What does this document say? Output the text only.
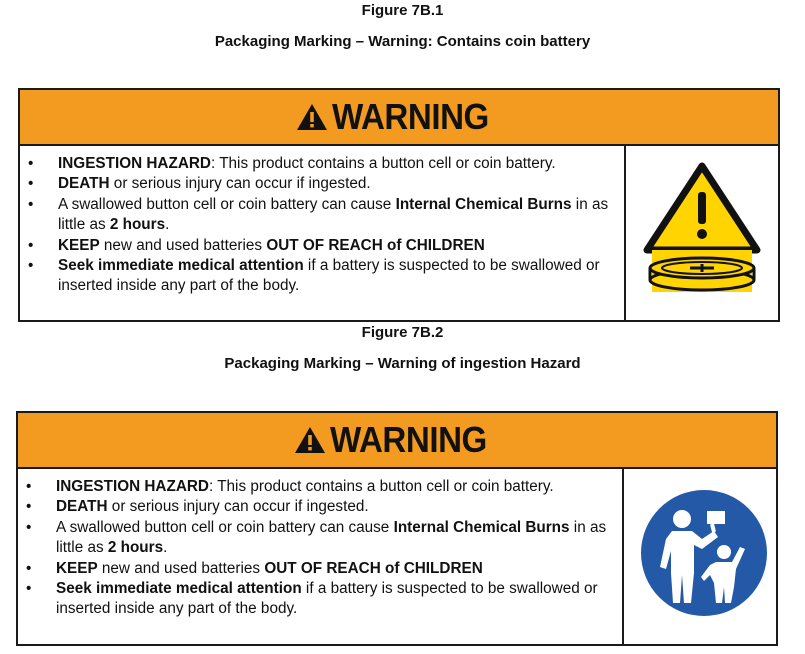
Figure 7B.1
Packaging Marking – Warning: Contains coin battery
WARNING
• INGESTION HAZARD: This product contains a button cell or coin battery.
• DEATH or serious injury can occur if ingested.
• A swallowed button cell or coin battery can cause Internal Chemical Burns in as little as 2 hours.
• KEEP new and used batteries OUT OF REACH of CHILDREN
• Seek immediate medical attention if a battery is suspected to be swallowed or inserted inside any part of the body.
Figure 7B.2
Packaging Marking – Warning of ingestion Hazard
WARNING
• INGESTION HAZARD: This product contains a button cell or coin battery.
• DEATH or serious injury can occur if ingested.
• A swallowed button cell or coin battery can cause Internal Chemical Burns in as little as 2 hours.
• KEEP new and used batteries OUT OF REACH of CHILDREN
• Seek immediate medical attention if a battery is suspected to be swallowed or inserted inside any part of the body.
